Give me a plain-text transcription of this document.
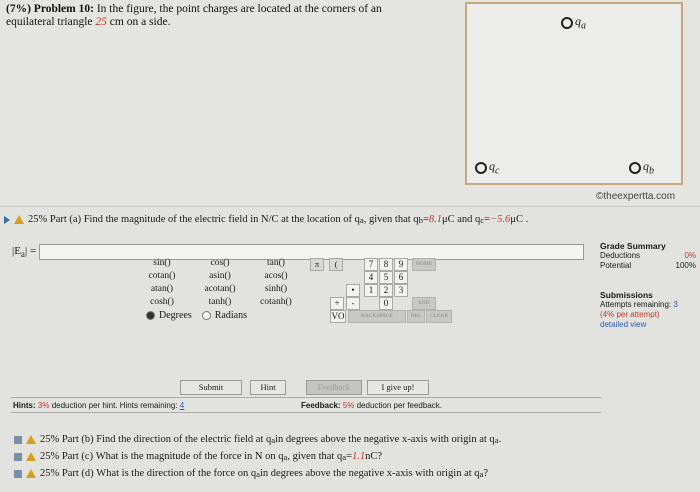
(7%) Problem 10: In the figure, the point charges are located at the corners of an
equilateral triangle 25 cm on a side.	$q_a$
$q_c$	$q_b$
©theexpertta.com
25%
Part (a)
Find the magnitude of the electric field in N/C at the location of q a , given that q b = 8.1 μC and q c = −5.6 μC .
$|E_a|$ =	Grade Summary
Deductions	0%
Potential	100%
Submissions
Attempts remaining: 3
(4% per attempt)
detailed view
sin()	cos()	tan()
cotan()	asin()	acos()
atan()	acotan()	sinh()
cosh()	tanh()	cotanh()
π	(	7	8	9
4	5	6
1	2	3
•
0
+	-
VO
HOME
END
BACKSPACE	DEL	CLEAR
Degrees Radians
Submit	Hint	Feedback	I give up!
Hints: 3% deduction per hint. Hints remaining: 4	Feedback: 5% deduction per feedback.
25%
Part (b)
Find the direction of the electric field at q a in degrees above the negative x-axis with origin at q a .
25%
Part (c)
What is the magnitude of the force in N on q a , given that q a = 1.1 nC?
25%
Part (d)
What is the direction of the force on q a in degrees above the negative x-axis with origin at q a ?
